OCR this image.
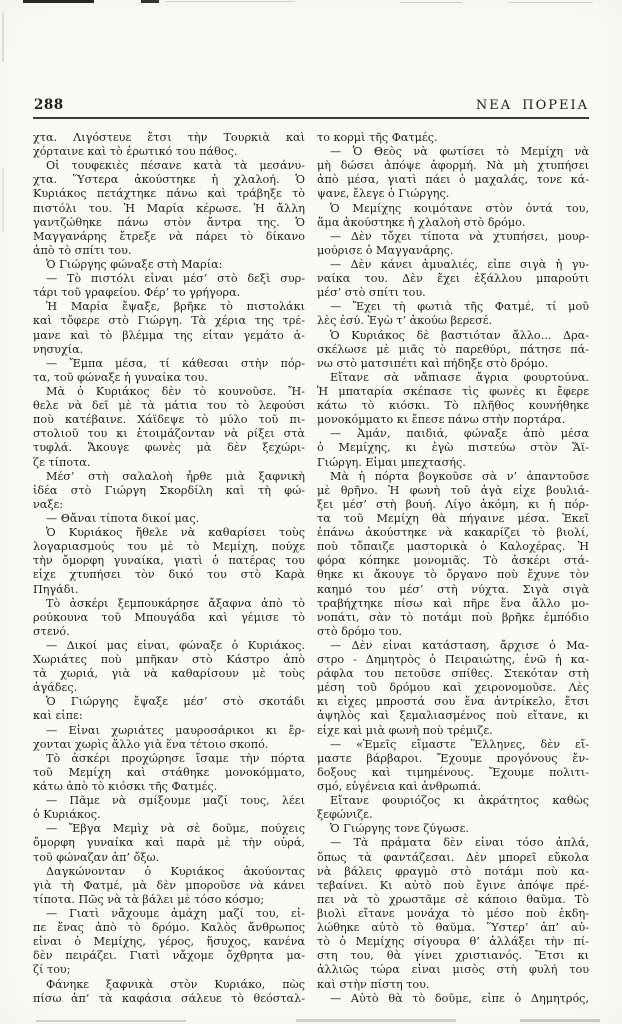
288	ΝΕΑ ΠΟΡΕΙΑ
χτα. Λιγόστευε ἔτσι τὴν Τουρκιὰ καὶ
χόρταινε καὶ τὸ ἐρωτικό του πάθος.
Οἱ τουφεκιὲς πέσανε κατὰ τὰ μεσάνυ-
χτα. Ὕστερα ἀκούστηκε ἡ χλαλοή. Ὁ
Κυριάκος πετάχτηκε πάνω καὶ τράβηξε τὸ
πιστόλι του. Ἡ Μαρία κέρωσε. Ἡ ἄλλη
γαντζώθηκε πάνω στὸν ἄντρα της. Ὁ
Μαγγανάρης ἔτρεξε νὰ πάρει τὸ δίκανο
ἀπὸ τὸ σπίτι του.
Ὁ Γιώργης φώναξε στὴ Μαρία:
— Τὸ πιστόλι εἶναι μέσ’ στὸ δεξὶ συρ-
τάρι τοῦ γραφείου. Φέρ’ το γρήγορα.
Ἡ Μαρία ἔψαξε, βρῆκε τὸ πιστολάκι
καὶ τὄφερε στὸ Γιώργη. Τὰ χέρια της τρέ-
μανε καὶ τὸ βλέμμα της εἶταν γεμάτο ἀ-
νησυχία.
— Ἔμπα μέσα, τί κάθεσαι στὴν πόρ-
τα, τοῦ φώναξε ἡ γυναίκα του.
Μὰ ὁ Κυριάκος δὲν τὸ κουνοῦσε. Ἤ-
θελε νὰ δεῖ μὲ τὰ μάτια του τὸ λεφούσι
ποὺ κατέβαινε. Χάϊδεψε τὸ μύλο τοῦ πι-
στολιοῦ του κι ἑτοιμάζονταν νὰ ρίξει στὰ
τυφλά. Ἄκουγε φωνὲς μὰ δὲν ξεχώρι-
ζε τίποτα.
Μέσ’ στὴ σαλαλοὴ ἦρθε μιὰ ξαφνικὴ
ἰδέα στὸ Γιώργη Σκορδίλη καὶ τὴ φώ-
ναξε:
— Θἄναι τίποτα δικοί μας.
Ὁ Κυριάκος ἤθελε νὰ καθαρίσει τοὺς
λογαριασμούς του μὲ τὸ Μεμίχη, πούχε
τὴν ὄμορφη γυναίκα, γιατὶ ὁ πατέρας του
εἶχε χτυπήσει τὸν δικό του στὸ Καρὰ
Πηγάδι.
Τὸ ἀσκέρι ξεμπουκάρησε ἄξαφνα ἀπὸ τὸ
ρούκουνα τοῦ Μπουγάδα καὶ γέμισε τὸ
στενό.
— Δικοί μας εἶναι, φώναξε ὁ Κυριάκος.
Χωριάτες ποὺ μπῆκαν στὸ Κάστρο ἀπὸ
τὰ χωριά, γιὰ νὰ καθαρίσουν μὲ τοὺς
ἀγάδες.
Ὁ Γιώργης ἔψαξε μέσ’ στὸ σκοτάδι
καὶ εἶπε:
— Εἶναι χωριάτες μαυροσάρικοι κι ἔρ-
χονται χωρὶς ἄλλο γιὰ ἕνα τέτοιο σκοπό.
Τὸ ἀσκέρι προχώρησε ἴσαμε τὴν πόρτα
τοῦ Μεμίχη καὶ στάθηκε μονοκόμματο,
κάτω ἀπὸ τὸ κιόσκι τῆς Φατμές.
— Πᾶμε νὰ σμίξουμε μαζί τους, λέει
ὁ Κυριάκος.
— Ἔβγα Μεμὶχ νὰ σὲ δοῦμε, πούχεις
ὄμορφη γυναίκα καὶ παρὰ μὲ τὴν οὐρά,
τοῦ φώναζαν ἀπ’ ὄξω.
Δαγκώνονταν ὁ Κυριάκος ἀκούοντας
γιὰ τὴ Φατμέ, μὰ δὲν μποροῦσε νὰ κάνει
τίποτα. Πῶς νὰ τὰ βάλει μὲ τόσο κόσμο;
— Γιατὶ νἄχουμε ἀμάχη μαζί του, εἶ-
πε ἕνας ἀπὸ τὸ δρόμο. Καλὸς ἄνθρωπος
εἶναι ὁ Μεμίχης, γέρος, ἥσυχος, κανένα
δὲν πειράζει. Γιατὶ νἄχομε ὄχθρητα μα-
ζί του;
Φάνηκε ξαφνικὰ στὸν Κυριάκο, πὼς
πίσω ἀπ’ τὰ καφάσια σάλευε τὸ θεόσταλ-
το κορμὶ τῆς Φατμές.
— Ὁ Θεὸς νὰ φωτίσει τὸ Μεμίχη νὰ
μὴ δώσει ἀπόψε ἀφορμή. Νὰ μὴ χτυπήσει
ἀπὸ μέσα, γιατὶ πάει ὁ μαχαλάς, τονε κά-
ψανε, ἔλεγε ὁ Γιώργης.
Ὁ Μεμίχης κοιμότανε στὸν ὀντά του,
ἅμα ἀκούστηκε ἡ χλαλοὴ στὸ δρόμο.
— Δὲν τὄχει τίποτα νὰ χτυπήσει, μουρ-
μούρισε ὁ Μαγγανάρης.
— Δὲν κάνει ἀμυαλιές, εἶπε σιγὰ ἡ γυ-
ναίκα του. Δὲν ἔχει ἐξάλλου μπαρούτι
μέσ’ στὸ σπίτι του.
— Ἔχει τὴ φωτιὰ τῆς Φατμέ, τί μοῦ
λὲς ἐσύ. Ἐγὼ τ’ ἀκούω βερεσέ.
Ὁ Κυριάκος δὲ βαστιόταν ἄλλο... Δρα-
σκέλωσε μὲ μιᾶς τὸ παρεθύρι, πάτησε πά-
νω στὸ ματσιπέτι καὶ πήδηξε στὸ δρόμο.
Εἴτανε σὰ νἄπιασε ἄγρια φουρτούνα.
Ἡ μπαταρία σκέπασε τὶς φωνὲς κι ἔφερε
κάτω τὸ κιόσκι. Τὸ πλῆθος κουνήθηκε
μονοκόμματο κι ἔπεσε πάνω στὴν πορτάρα.
— Ἀμάν, παιδιά, φώναξε ἀπὸ μέσα
ὁ Μεμίχης, κι ἐγὼ πιστεύω στὸν Ἅϊ-
Γιώργη. Εἶμαι μπεχτασής.
Μὰ ἡ πόρτα βογκοῦσε σὰ ν’ ἀπαντοῦσε
μὲ θρῆνο. Ἡ φωνὴ τοῦ ἀγὰ εἶχε βουλιά-
ξει μέσ’ στὴ βουή. Λίγο ἀκόμη, κι ἡ πόρ-
τα τοῦ Μεμίχη θὰ πήγαινε μέσα. Ἐκεῖ
ἐπάνω ἀκούστηκε νὰ κακαρίζει τὸ βιολί,
ποὺ τὄπαιζε μαστορικὰ ὁ Καλοχέρας. Ἡ
φόρα κόπηκε μονομιᾶς. Τὸ ἀσκέρι στά-
θηκε κι ἄκουγε τὸ ὄργανο ποὺ ἔχυνε τὸν
καημό του μέσ’ στὴ νύχτα. Σιγὰ σιγὰ
τραβήχτηκε πίσω καὶ πῆρε ἕνα ἄλλο μο-
νοπάτι, σὰν τὸ ποτάμι ποὺ βρῆκε ἐμπόδιο
στὸ δρόμο του.
— Δὲν εἶναι κατάσταση, ἄρχισε ὁ Μα-
στρο - Δημητρὸς ὁ Πειραιώτης, ἐνῶ ἡ κα-
ράφλα του πετοῦσε σπίθες. Στεκόταν στὴ
μέση τοῦ δρόμου καὶ χειρονομοῦσε. Λὲς
κι εἶχες μπροστά σου ἕνα ἀντρίκελο, ἔτσι
ἀψηλὸς καὶ ξεμαλιασμένος ποὺ εἴτανε, κι
εἶχε καὶ μιὰ φωνὴ ποὺ τρέμιζε.
— «Ἐμεῖς εἴμαστε Ἕλληνες, δὲν εἴ-
μαστε βάρβαροι. Ἔχουμε προγόνους ἔν-
δοξους καὶ τιμημένους. Ἔχουμε πολιτι-
σμό, εὐγένεια καὶ ἀνθρωπιά.
Εἴτανε φουριόζος κι ἀκράτητος καθὼς
ξεφώνιζε.
Ὁ Γιώργης τονε ζύγωσε.
— Τὰ πράματα δὲν εἶναι τόσο ἁπλά,
ὅπως τὰ φαντάζεσαι. Δὲν μπορεῖ εὔκολα
νὰ βάλεις φραγμὸ στὸ ποτάμι ποὺ κα-
τεβαίνει. Κι αὐτὸ ποὺ ἔγινε ἀπόψε πρέ-
πει νὰ τὸ χρωστᾶμε σὲ κάποιο θαῦμα. Τὸ
βιολὶ εἴτανε μονάχα τὸ μέσο ποὺ ἐκδη-
λώθηκε αὐτὸ τὸ θαῦμα. Ὕστερ’ ἀπ’ αὐ-
τὸ ὁ Μεμίχης σίγουρα θ’ ἀλλάξει τὴν πί-
στη του, θὰ γίνει χριστιανός. Ἔτσι κι
ἀλλιῶς τώρα εἶναι μισὸς στὴ φυλή του
καὶ στὴν πίστη του.
— Αὐτὸ θὰ τὸ δοῦμε, εἶπε ὁ Δημητρός,
